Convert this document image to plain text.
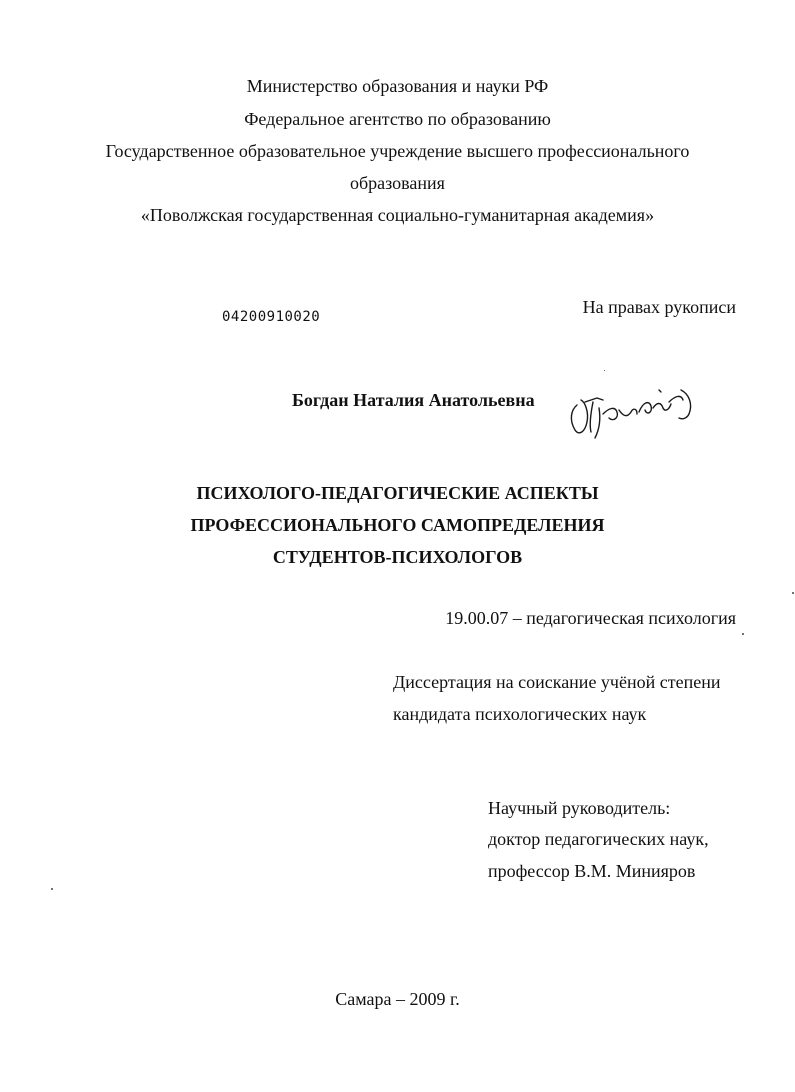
Министерство образования и науки РФ
Федеральное агентство по образованию
Государственное образовательное учреждение высшего профессионального
образования
«Поволжская государственная социально-гуманитарная академия»
04200910020	На правах рукописи
Богдан Наталия Анатольевна
ПСИХОЛОГО-ПЕДАГОГИЧЕСКИЕ АСПЕКТЫ
ПРОФЕССИОНАЛЬНОГО САМОПРЕДЕЛЕНИЯ
СТУДЕНТОВ-ПСИХОЛОГОВ
19.00.07 – педагогическая психология
Диссертация на соискание учёной степени
кандидата психологических наук
Научный руководитель:
доктор педагогических наук,
профессор В.М. Минияров
Самара – 2009 г.
